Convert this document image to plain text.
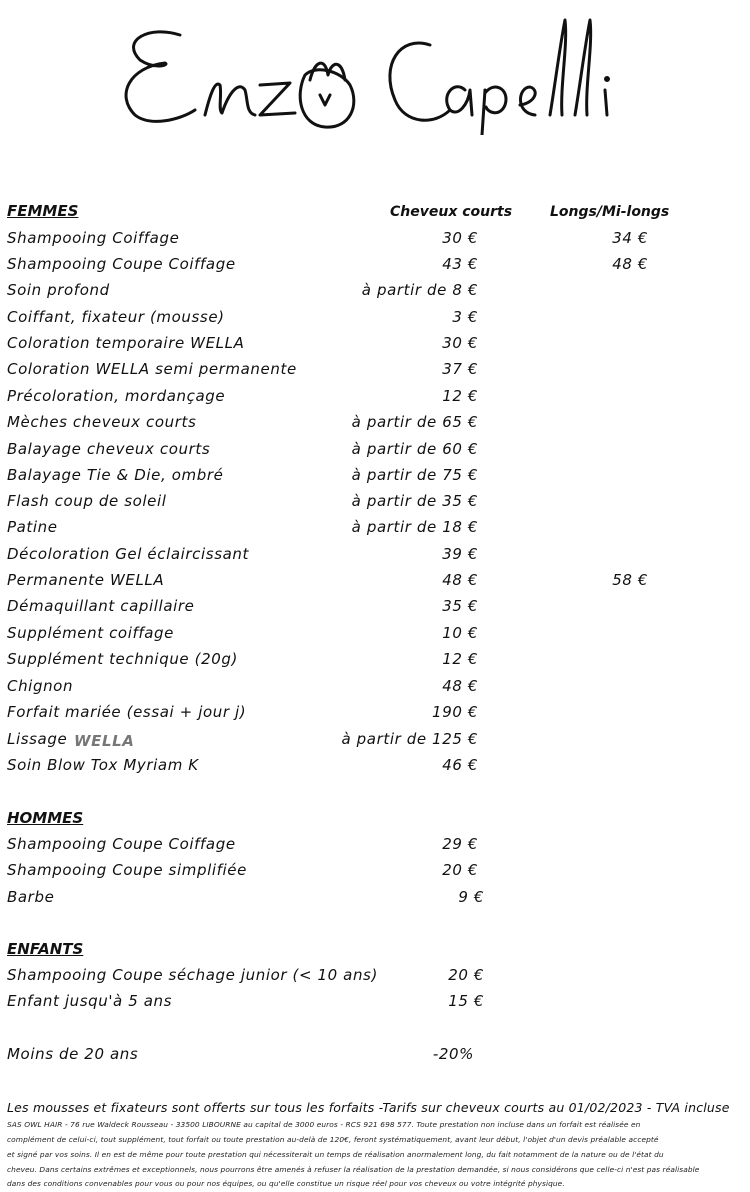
FEMMES	Cheveux courts	Longs/Mi-longs
Shampooing Coiffage	30 €	34 €
Shampooing Coupe Coiffage	43 €	48 €
Soin profond	à partir de 8 €
Coiffant, fixateur (mousse)	3 €
Coloration temporaire WELLA	30 €
Coloration WELLA semi permanente	37 €
Précoloration, mordançage	12 €
Mèches cheveux courts	à partir de 65 €
Balayage cheveux courts	à partir de 60 €
Balayage Tie & Die, ombré	à partir de 75 €
Flash coup de soleil	à partir de 35 €
Patine	à partir de 18 €
Décoloration Gel éclaircissant	39 €
Permanente WELLA	48 €	58 €
Démaquillant capillaire	35 €
Supplément coiffage	10 €
Supplément technique (20g)	12 €
Chignon	48 €
Forfait mariée (essai + jour j)	190 €
Lissage WELLA	à partir de 125 €
Soin Blow Tox Myriam K	46 €
HOMMES
Shampooing Coupe Coiffage	29 €
Shampooing Coupe simplifiée	20 €
Barbe	9 €
ENFANTS
Shampooing Coupe séchage junior (< 10 ans)	20 €
Enfant jusqu'à 5 ans	15 €
Moins de 20 ans	-20%
Les mousses et fixateurs sont offerts sur tous les forfaits -Tarifs sur cheveux courts au 01/02/2023 - TVA incluse
SAS OWL HAIR - 76 rue Waldeck Rousseau - 33500 LIBOURNE au capital de 3000 euros - RCS 921 698 577. Toute prestation non incluse dans un forfait est réalisée en
complément de celui-ci, tout supplément, tout forfait ou toute prestation au-delà de 120€, feront systématiquement, avant leur début, l'objet d'un devis préalable accepté
et signé par vos soins. Il en est de même pour toute prestation qui nécessiterait un temps de réalisation anormalement long, du fait notamment de la nature ou de l'état du
cheveu. Dans certains extrêmes et exceptionnels, nous pourrons être amenés à refuser la réalisation de la prestation demandée, si nous considérons que celle-ci n'est pas réalisable
dans des conditions convenables pour vous ou pour nos équipes, ou qu'elle constitue un risque réel pour vos cheveux ou votre intégrité physique.
